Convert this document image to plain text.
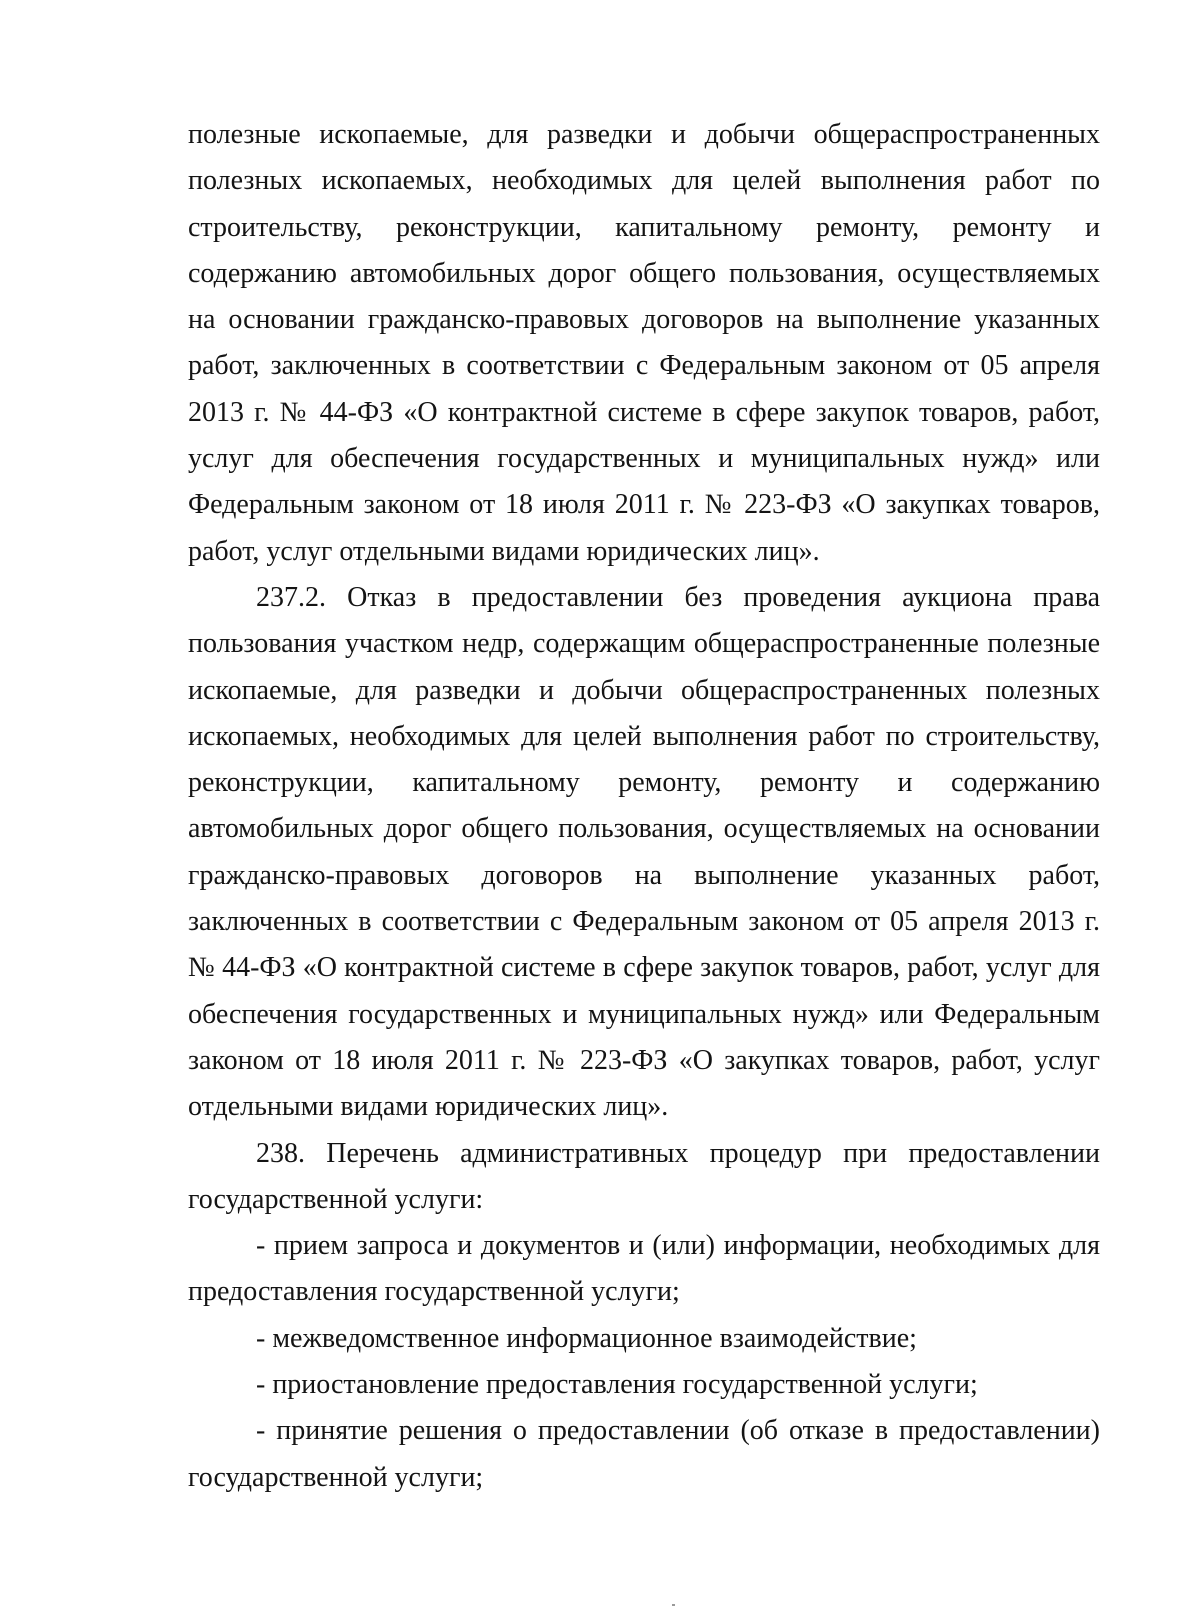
полезные ископаемые, для разведки и добычи общераспространенных полезных ископаемых, необходимых для целей выполнения работ по строительству, реконструкции, капитальному ремонту, ремонту и содержанию автомобильных дорог общего пользования, осуществляемых на основании гражданско-правовых договоров на выполнение указанных работ, заключенных в соответствии с Федеральным законом от 05 апреля 2013 г. № 44-ФЗ «О контрактной системе в сфере закупок товаров, работ, услуг для обеспечения государственных и муниципальных нужд» или Федеральным законом от 18 июля 2011 г. № 223-ФЗ «О закупках товаров, работ, услуг отдельными видами юридических лиц».

237.2. Отказ в предоставлении без проведения аукциона права пользования участком недр, содержащим общераспространенные полезные ископаемые, для разведки и добычи общераспространенных полезных ископаемых, необходимых для целей выполнения работ по строительству, реконструкции, капитальному ремонту, ремонту и содержанию автомобильных дорог общего пользования, осуществляемых на основании гражданско-правовых договоров на выполнение указанных работ, заключенных в соответствии с Федеральным законом от 05 апреля 2013 г. № 44-ФЗ «О контрактной системе в сфере закупок товаров, работ, услуг для обеспечения государственных и муниципальных нужд» или Федеральным законом от 18 июля 2011 г. № 223-ФЗ «О закупках товаров, работ, услуг отдельными видами юридических лиц».

238. Перечень административных процедур при предоставлении государственной услуги:

- прием запроса и документов и (или) информации, необходимых для предоставления государственной услуги;

- межведомственное информационное взаимодействие;

- приостановление предоставления государственной услуги;

- принятие решения о предоставлении (об отказе в предоставлении) государственной услуги;
